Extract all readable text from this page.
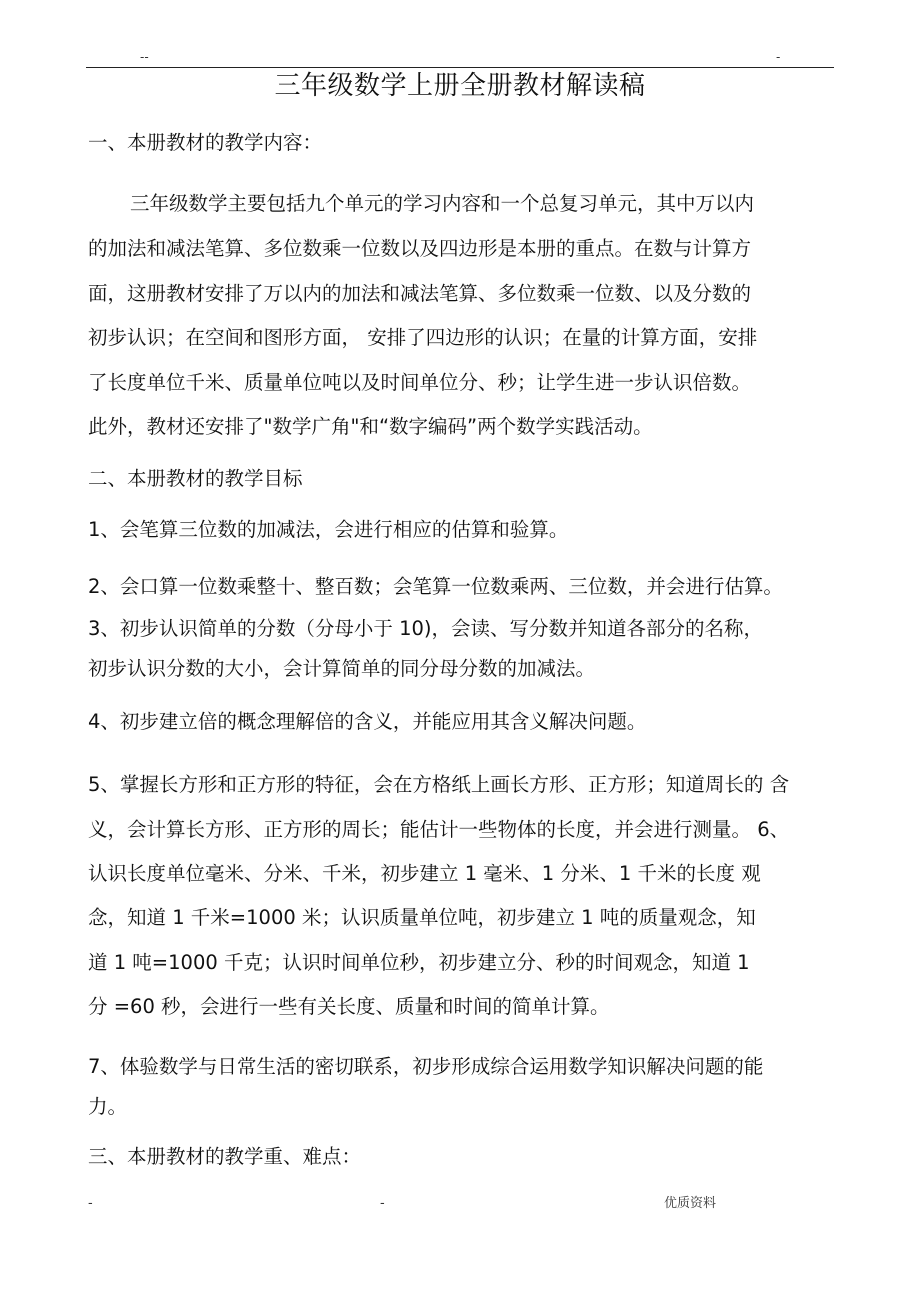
--	-
三年级数学上册全册教材解读稿
一、本册教材的教学内容：
三年级数学主要包括九个单元的学习内容和一个总复习单元，其中万以内
的加法和减法笔算、多位数乘一位数以及四边形是本册的重点。在数与计算方
面，这册教材安排了万以内的加法和减法笔算、多位数乘一位数、以及分数的
初步认识；在空间和图形方面， 安排了四边形的认识；在量的计算方面，安排
了长度单位千米、质量单位吨以及时间单位分、秒；让学生进一步认识倍数。
此外，教材还安排了"数学广角"和“数字编码”两个数学实践活动。
二、本册教材的教学目标
1、会笔算三位数的加减法，会进行相应的估算和验算。
2、会口算一位数乘整十、整百数；会笔算一位数乘两、三位数，并会进行估算。
3、初步认识简单的分数（分母小于 10)，会读、写分数并知道各部分的名称，
初步认识分数的大小，会计算简单的同分母分数的加减法。
4、初步建立倍的概念理解倍的含义，并能应用其含义解决问题。
5、掌握长方形和正方形的特征，会在方格纸上画长方形、正方形；知道周长的 含
义，会计算长方形、正方形的周长；能估计一些物体的长度，并会进行测量。 6、
认识长度单位毫米、分米、千米，初步建立 1 毫米、1 分米、1 千米的长度 观
念，知道 1 千米=1000 米；认识质量单位吨，初步建立 1 吨的质量观念，知
道 1 吨=1000 千克；认识时间单位秒，初步建立分、秒的时间观念，知道 1
分 =60 秒，会进行一些有关长度、质量和时间的简单计算。
7、体验数学与日常生活的密切联系，初步形成综合运用数学知识解决问题的能
力。
三、本册教材的教学重、难点：
-	-	优质资料
